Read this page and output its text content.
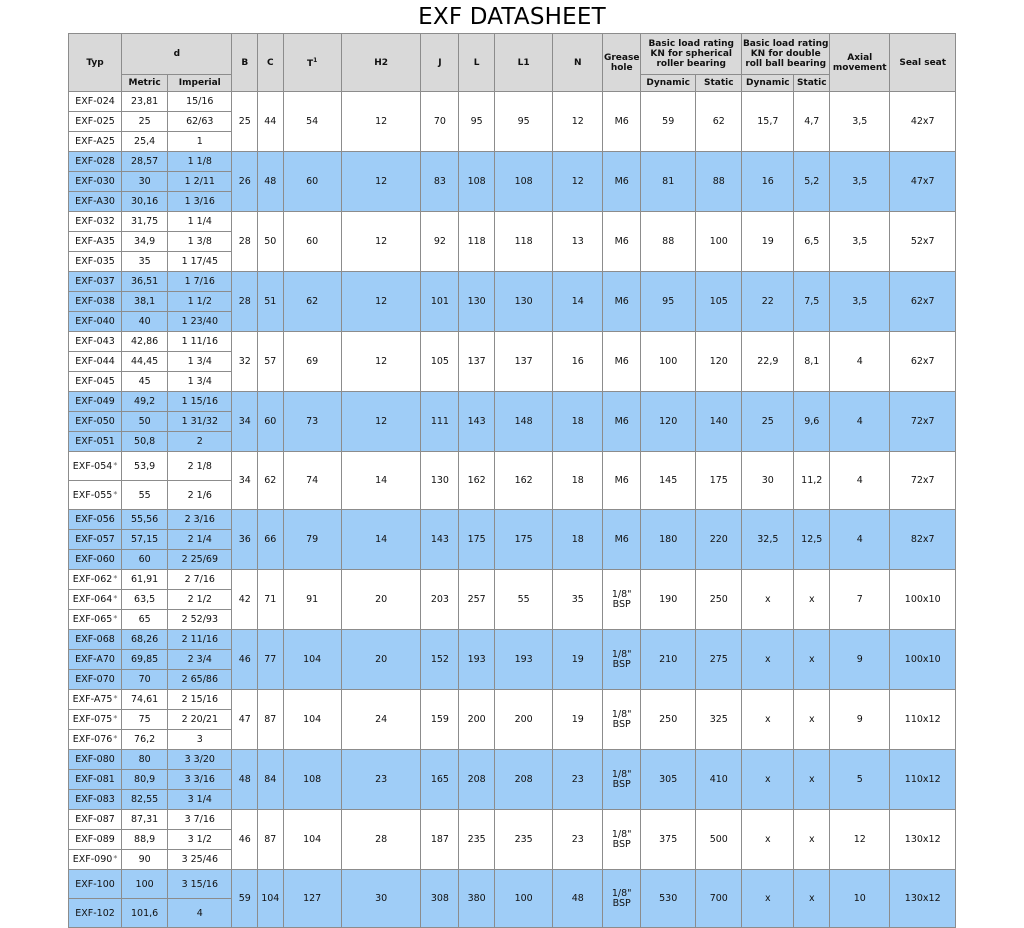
EXF DATASHEET
Typ	d		B	C	$T^1$	H2	J	L	L1	N	Grease hole	Basic load rating KN for spherical roller bearing		Basic load rating KN for double roll ball bearing		Axial movement	Seal seat
	Metric	Imperial										Dynamic	Static	Dynamic	Static		
EXF-024	23,81	15/16	25	44	54	12	70	95	95	12	M6	59	62	15,7	4,7	3,5	42x7
EXF-025	25	62/63															
EXF-A25	25,4	1															
EXF-028	28,57	1 1/8	26	48	60	12	83	108	108	12	M6	81	88	16	5,2	3,5	47x7
EXF-030	30	1 2/11															
EXF-A30	30,16	1 3/16															
EXF-032	31,75	1 1/4	28	50	60	12	92	118	118	13	M6	88	100	19	6,5	3,5	52x7
EXF-A35	34,9	1 3/8															
EXF-035	35	1 17/45															
EXF-037	36,51	1 7/16	28	51	62	12	101	130	130	14	M6	95	105	22	7,5	3,5	62x7
EXF-038	38,1	1 1/2															
EXF-040	40	1 23/40															
EXF-043	42,86	1 11/16	32	57	69	12	105	137	137	16	M6	100	120	22,9	8,1	4	62x7
EXF-044	44,45	1 3/4															
EXF-045	45	1 3/4															
EXF-049	49,2	1 15/16	34	60	73	12	111	143	148	18	M6	120	140	25	9,6	4	72x7
EXF-050	50	1 31/32															
EXF-051	50,8	2															
EXF-054*	53,9	2 1/8	34	62	74	14	130	162	162	18	M6	145	175	30	11,2	4	72x7
EXF-055*	55	2 1/6															
EXF-056	55,56	2 3/16	36	66	79	14	143	175	175	18	M6	180	220	32,5	12,5	4	82x7
EXF-057	57,15	2 1/4															
EXF-060	60	2 25/69															
EXF-062*	61,91	2 7/16	42	71	91	20	203	257	55	35	1/8" BSP	190	250	x	x	7	100x10
EXF-064*	63,5	2 1/2															
EXF-065*	65	2 52/93															
EXF-068	68,26	2 11/16	46	77	104	20	152	193	193	19	1/8" BSP	210	275	x	x	9	100x10
EXF-A70	69,85	2 3/4															
EXF-070	70	2 65/86															
EXF-A75*	74,61	2 15/16	47	87	104	24	159	200	200	19	1/8" BSP	250	325	x	x	9	110x12
EXF-075*	75	2 20/21															
EXF-076*	76,2	3															
EXF-080	80	3 3/20	48	84	108	23	165	208	208	23	1/8" BSP	305	410	x	x	5	110x12
EXF-081	80,9	3 3/16															
EXF-083	82,55	3 1/4															
EXF-087	87,31	3 7/16	46	87	104	28	187	235	235	23	1/8" BSP	375	500	x	x	12	130x12
EXF-089	88,9	3 1/2															
EXF-090*	90	3 25/46															
EXF-100	100	3 15/16	59	104	127	30	308	380	100	48	1/8" BSP	530	700	x	x	10	130x12
EXF-102	101,6	4															
